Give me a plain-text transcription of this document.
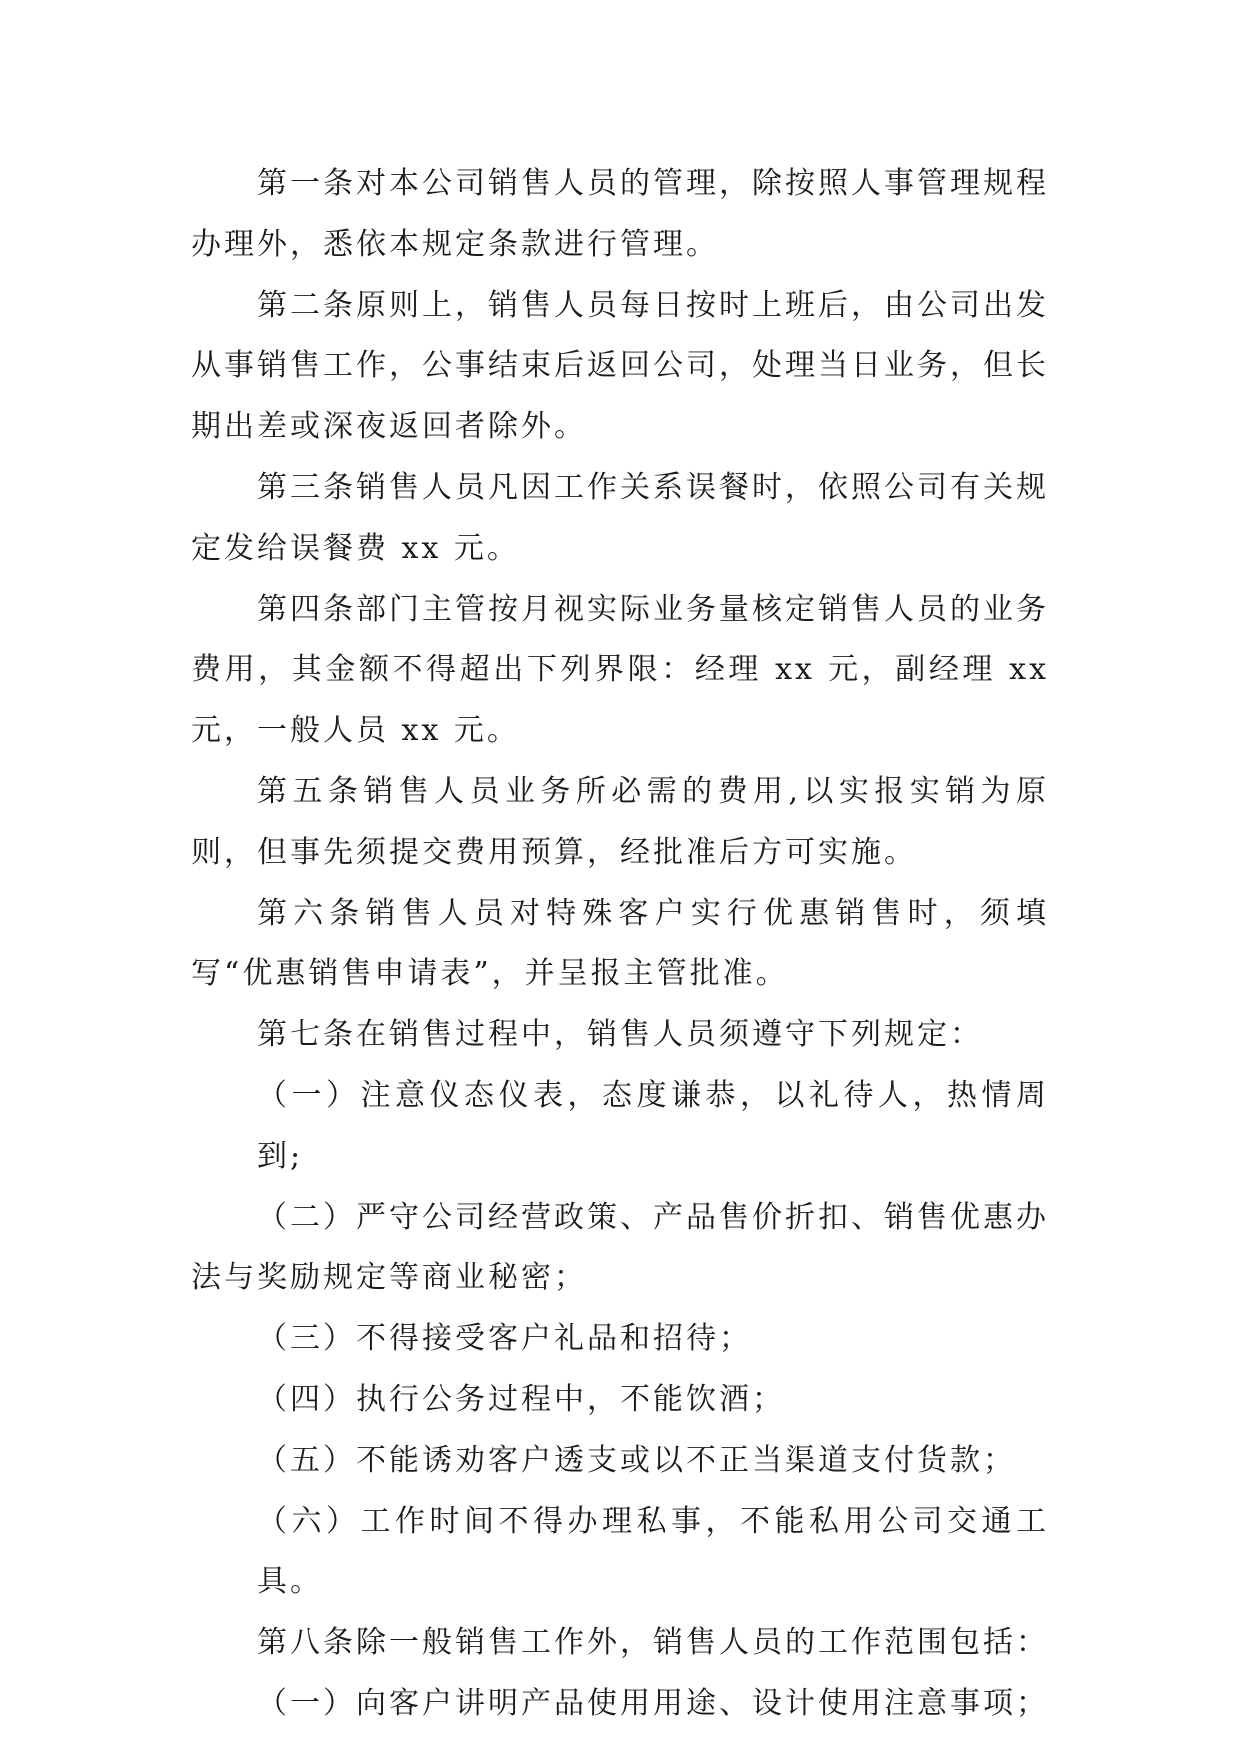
第一条对本公司销售人员的管理，除按照人事管理规程办理外，悉依本规定条款进行管理。

第二条原则上，销售人员每日按时上班后，由公司出发从事销售工作，公事结束后返回公司，处理当日业务，但长期出差或深夜返回者除外。

第三条销售人员凡因工作关系误餐时，依照公司有关规定发给误餐费 xx 元。

第四条部门主管按月视实际业务量核定销售人员的业务费用，其金额不得超出下列界限：经理 xx 元，副经理 xx 元，一般人员 xx 元。

第五条销售人员业务所必需的费用,以实报实销为原则，但事先须提交费用预算，经批准后方可实施。

第六条销售人员对特殊客户实行优惠销售时，须填写“优惠销售申请表”，并呈报主管批准。

第七条在销售过程中，销售人员须遵守下列规定：

（一）注意仪态仪表，态度谦恭，以礼待人，热情周到;

（二）严守公司经营政策、产品售价折扣、销售优惠办法与奖励规定等商业秘密；

（三）不得接受客户礼品和招待；

（四）执行公务过程中，不能饮酒；

（五）不能诱劝客户透支或以不正当渠道支付货款；

（六）工作时间不得办理私事，不能私用公司交通工具。

第八条除一般销售工作外，销售人员的工作范围包括：

（一）向客户讲明产品使用用途、设计使用注意事项；
